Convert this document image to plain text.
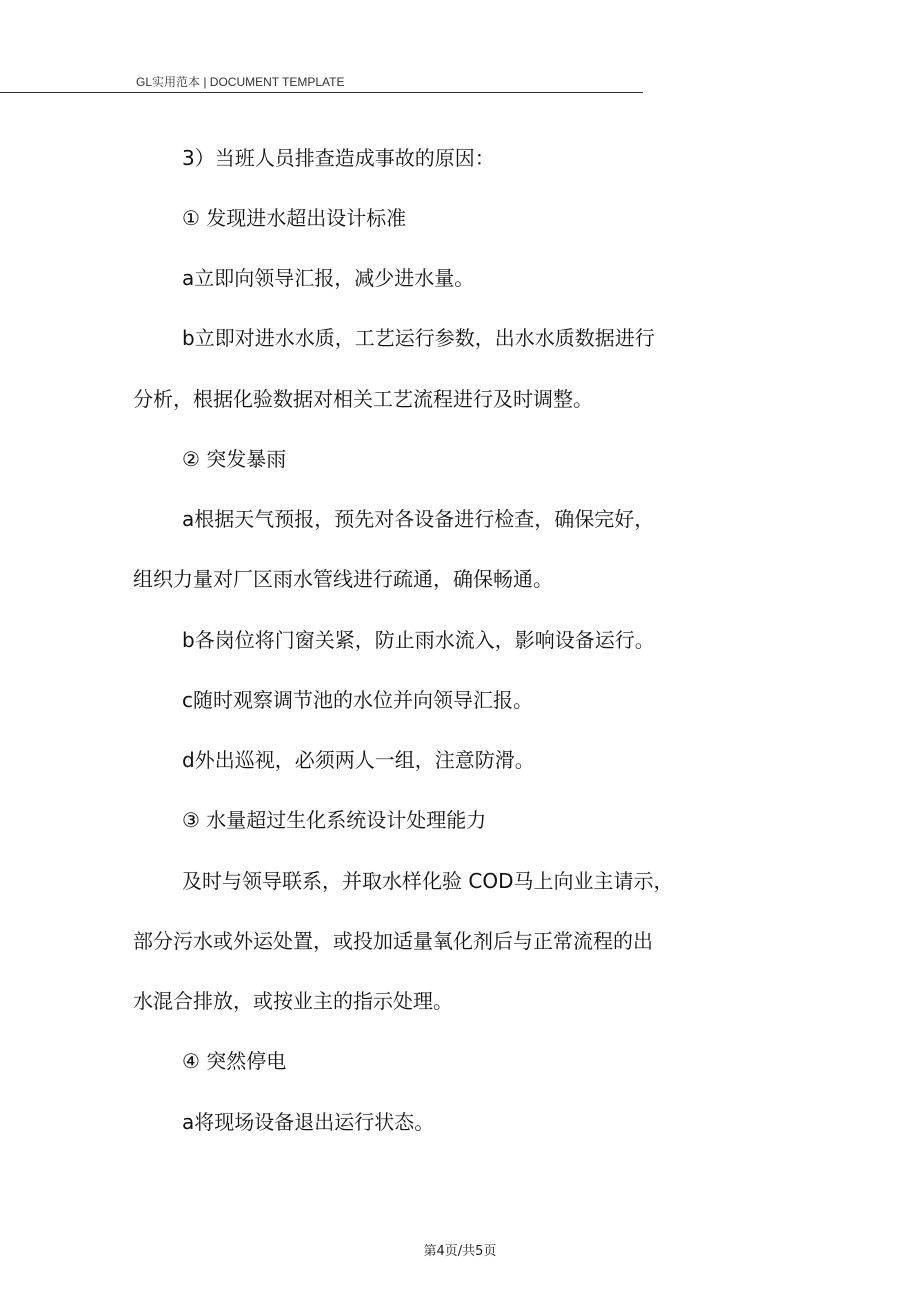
GL实用范本 | DOCUMENT TEMPLATE
3）当班人员排查造成事故的原因：
① 发现进水超出设计标准
a立即向领导汇报，减少进水量。
b立即对进水水质，工艺运行参数，出水水质数据进行
分析，根据化验数据对相关工艺流程进行及时调整。
② 突发暴雨
a根据天气预报，预先对各设备进行检查，确保完好，
组织力量对厂区雨水管线进行疏通，确保畅通。
b各岗位将门窗关紧，防止雨水流入，影响设备运行。
c随时观察调节池的水位并向领导汇报。
d外出巡视，必须两人一组，注意防滑。
③ 水量超过生化系统设计处理能力
及时与领导联系，并取水样化验 COD马上向业主请示，
部分污水或外运处置，或投加适量氧化剂后与正常流程的出
水混合排放，或按业主的指示处理。
④ 突然停电
a将现场设备退出运行状态。
第4页/共5页
